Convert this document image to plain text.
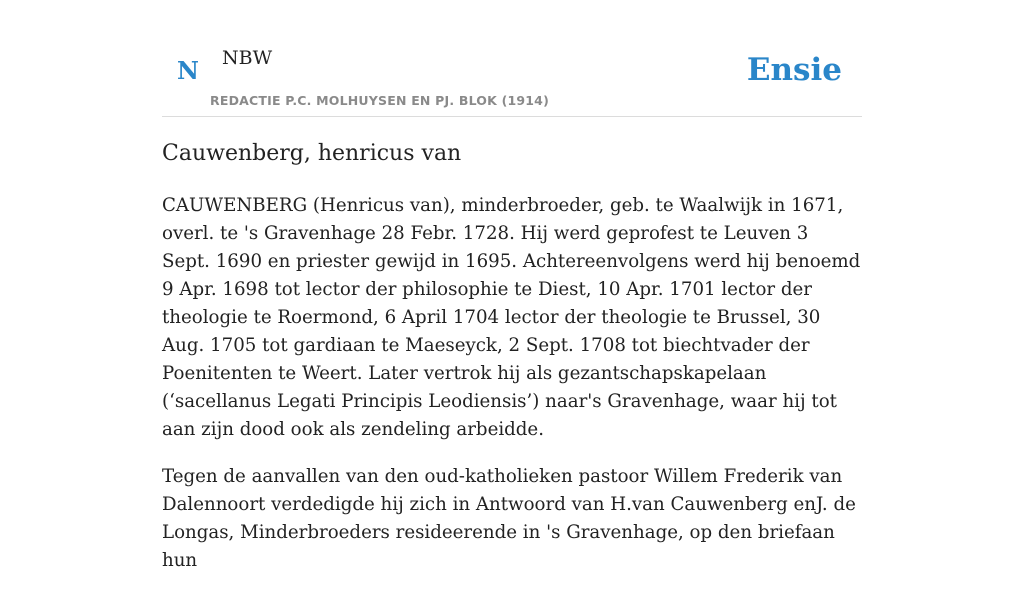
N NBW
REDACTIE P.C. MOLHUYSEN EN PJ. BLOK (1914)
Ensie
Cauwenberg, henricus van

CAUWENBERG (Henricus van), minderbroeder, geb. te Waalwijk in 1671, overl. te 's Gravenhage 28 Febr. 1728. Hij werd geprofest te Leuven 3 Sept. 1690 en priester gewijd in 1695. Achtereenvolgens werd hij benoemd 9 Apr. 1698 tot lector der philosophie te Diest, 10 Apr. 1701 lector der theologie te Roermond, 6 April 1704 lector der theologie te Brussel, 30 Aug. 1705 tot gardiaan te Maeseyck, 2 Sept. 1708 tot biechtvader der Poenitenten te Weert. Later vertrok hij als gezantschapskapelaan (‘sacellanus Legati Principis Leodiensis’) naar's Gravenhage, waar hij tot aan zijn dood ook als zendeling arbeidde.

Tegen de aanvallen van den oud-katholieken pastoor Willem Frederik van Dalennoort verdedigde hij zich in Antwoord van H.van Cauwenberg enJ. de Longas, Minderbroeders resideerende in 's Gravenhage, op den briefaan hun
